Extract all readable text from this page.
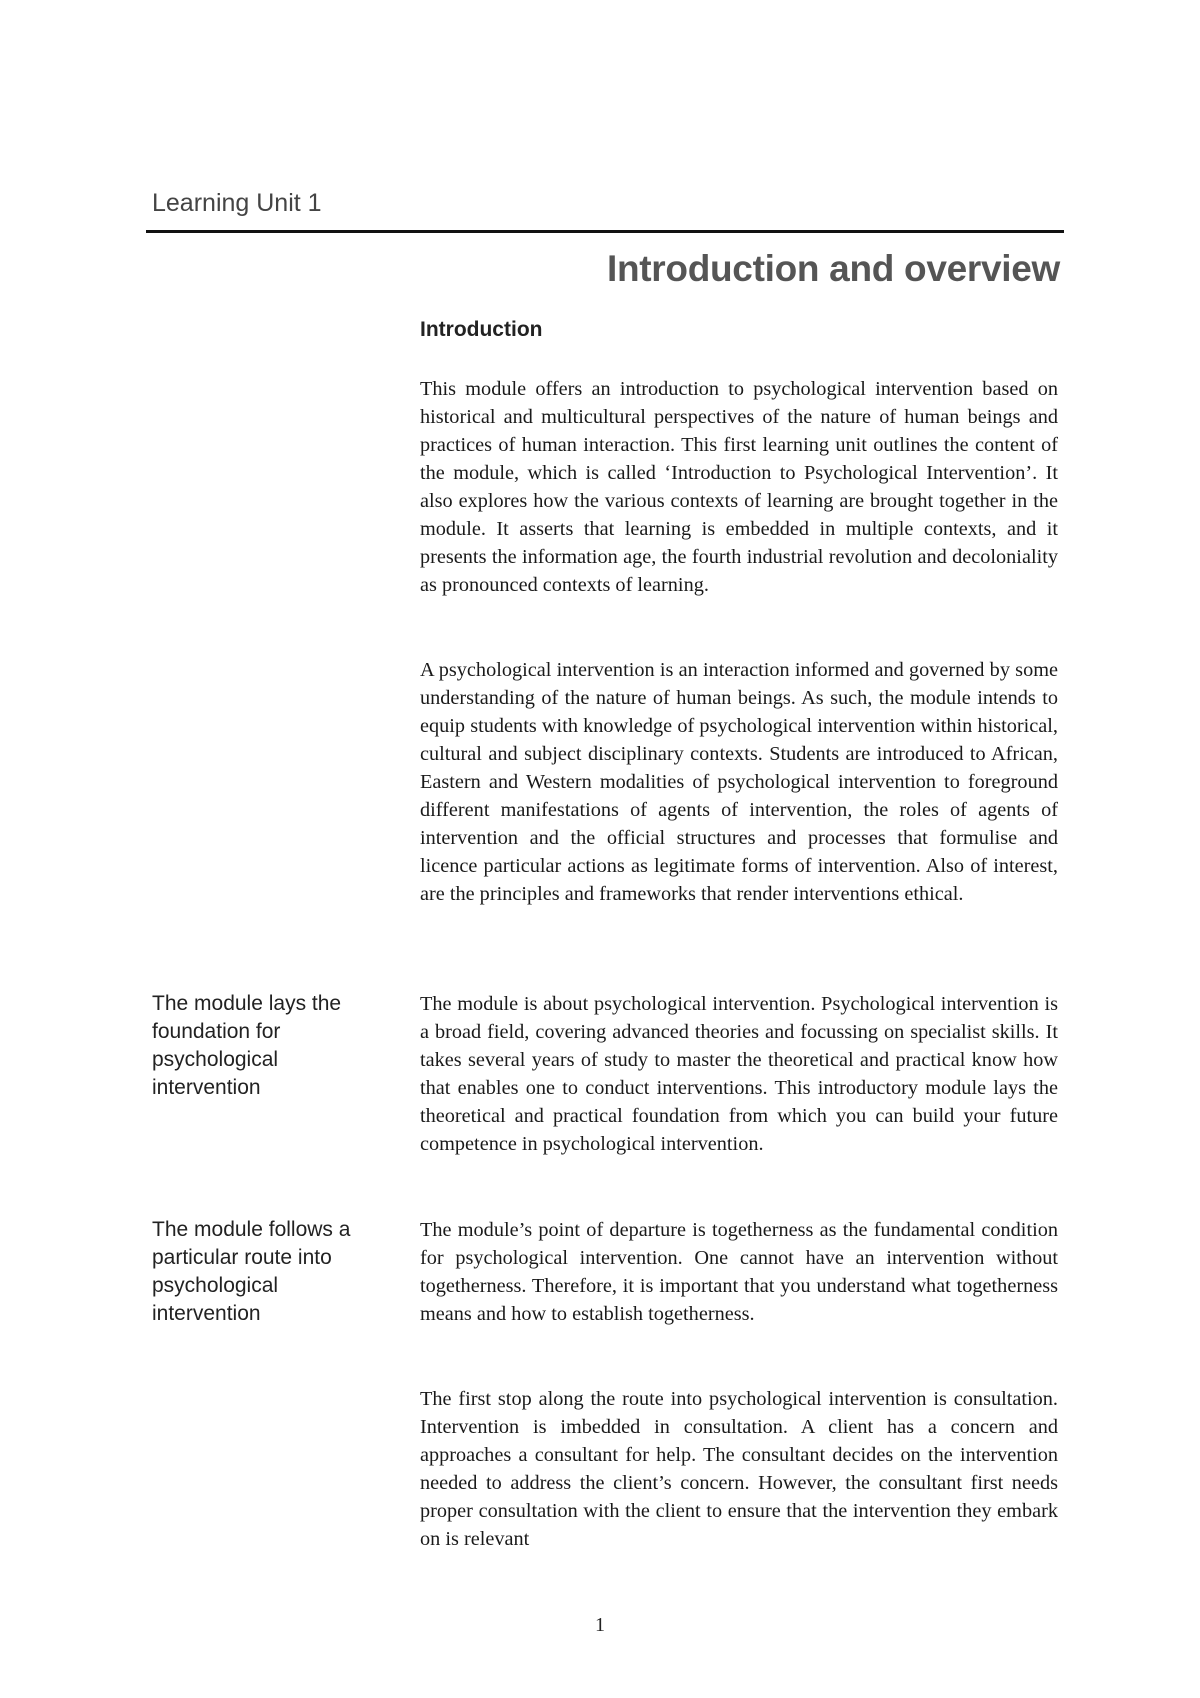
Learning Unit 1
Introduction and overview
Introduction

This module offers an introduction to psychological intervention based on historical and multicultural perspectives of the nature of human beings and practices of human interaction. This first learning unit outlines the content of the module, which is called ‘Introduction to Psychological Intervention’. It also explores how the various contexts of learning are brought together in the module. It asserts that learning is embedded in multiple contexts, and it presents the information age, the fourth industrial revolution and decoloniality as pronounced contexts of learning.

A psychological intervention is an interaction informed and governed by some understanding of the nature of human beings. As such, the module intends to equip students with knowledge of psychological intervention within historical, cultural and subject disciplinary contexts. Students are introduced to African, Eastern and Western modalities of psychological intervention to foreground different manifestations of agents of intervention, the roles of agents of intervention and the official structures and processes that formulise and licence particular actions as legitimate forms of intervention. Also of interest, are the principles and frameworks that render interventions ethical.

The module lays the foundation for psychological intervention

The module is about psychological intervention. Psychological intervention is a broad field, covering advanced theories and focussing on specialist skills. It takes several years of study to master the theoretical and practical know how that enables one to conduct interventions. This introductory module lays the theoretical and practical foundation from which you can build your future competence in psychological intervention.

The module follows a particular route into psychological intervention

The module’s point of departure is togetherness as the fundamental condition for psychological intervention. One cannot have an intervention without togetherness. Therefore, it is important that you understand what togetherness means and how to establish togetherness.

The first stop along the route into psychological intervention is consultation. Intervention is imbedded in consultation. A client has a concern and approaches a consultant for help. The consultant decides on the intervention needed to address the client’s concern. However, the consultant first needs proper consultation with the client to ensure that the intervention they embark on is relevant

1
